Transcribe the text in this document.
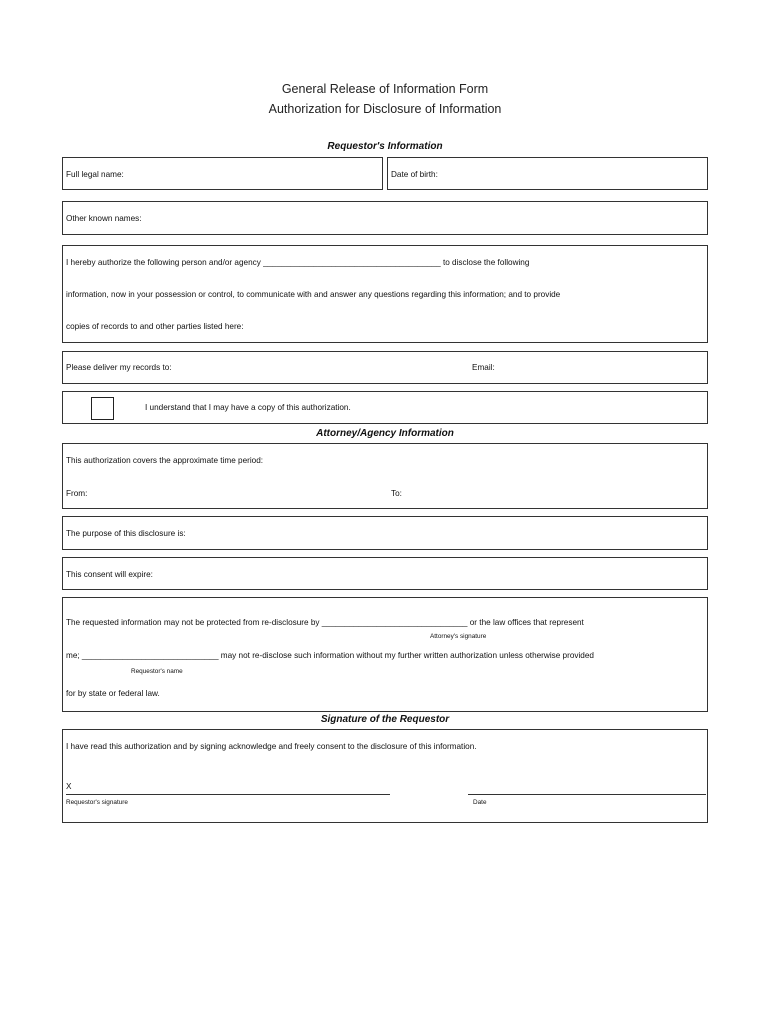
General Release of Information Form
Authorization for Disclosure of Information
Requestor's Information
Full legal name:	Date of birth:
Other known names:
I hereby authorize the following person and/or agency _______________________________________ to disclose the following
information, now in your possession or control, to communicate with and answer any questions regarding this information; and to provide
copies of records to and other parties listed here:
Please deliver my records to:	Email:
I understand that I may have a copy of this authorization.
Attorney/Agency Information
This authorization covers the approximate time period:
From:	To:
The purpose of this disclosure is:
This consent will expire:
The requested information may not be protected from re-disclosure by ________________________________ or the law offices that represent
Attorney's signature
me; ______________________________ may not re-disclose such information without my further written authorization unless otherwise provided
Requestor's name
for by state or federal law.
Signature of the Requestor
I have read this authorization and by signing acknowledge and freely consent to the disclosure of this information.
X
Requestor's signature	Date
